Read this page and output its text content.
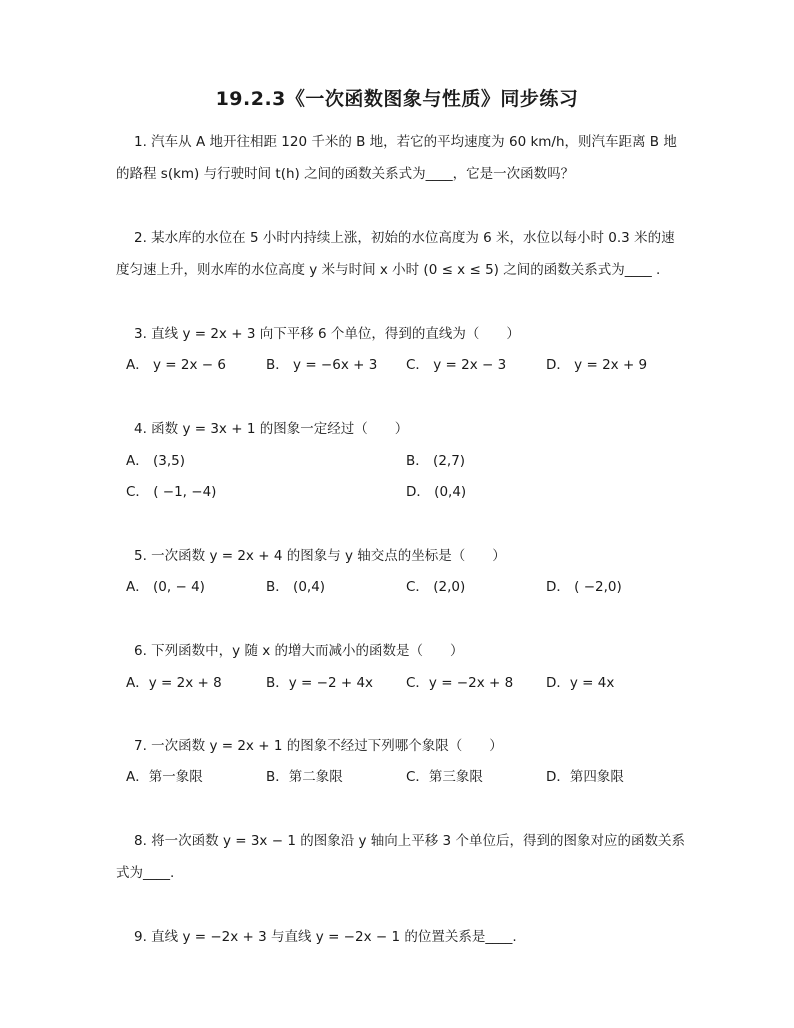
19.2.3《一次函数图象与性质》同步练习
1. 汽车从 A 地开往相距 120 千米的 B 地，若它的平均速度为 60 km/h，则汽车距离 B 地
的路程 s(km) 与行驶时间 t(h) 之间的函数关系式为____，它是一次函数吗？
2. 某水库的水位在 5 小时内持续上涨，初始的水位高度为 6 米，水位以每小时 0.3 米的速
度匀速上升，则水库的水位高度 y 米与时间 x 小时 (0 ≤ x ≤ 5) 之间的函数关系式为____ .
3. 直线 y = 2x + 3 向下平移 6 个单位，得到的直线为（　　）
A． y = 2x − 6	B． y = −6x + 3 C． y = 2x − 3	D． y = 2x + 9
4. 函数 y = 3x + 1 的图象一定经过（　　）
A． (3,5)	B． (2,7)
C． ( −1, −4)	D． (0,4)
5. 一次函数 y = 2x + 4 的图象与 y 轴交点的坐标是（　　）
A． (0, − 4)	B． (0,4)	C． (2,0)	D． ( −2,0)
6. 下列函数中，y 随 x 的增大而减小的函数是（　　）
A．y = 2x + 8	B．y = −2 + 4x C．y = −2x + 8 D．y = 4x
7. 一次函数 y = 2x + 1 的图象不经过下列哪个象限（　　）
A．第一象限	B．第二象限	C．第三象限	D．第四象限
8. 将一次函数 y = 3x − 1 的图象沿 y 轴向上平移 3 个单位后，得到的图象对应的函数关系
式为____.
9. 直线 y = −2x + 3 与直线 y = −2x − 1 的位置关系是____.
